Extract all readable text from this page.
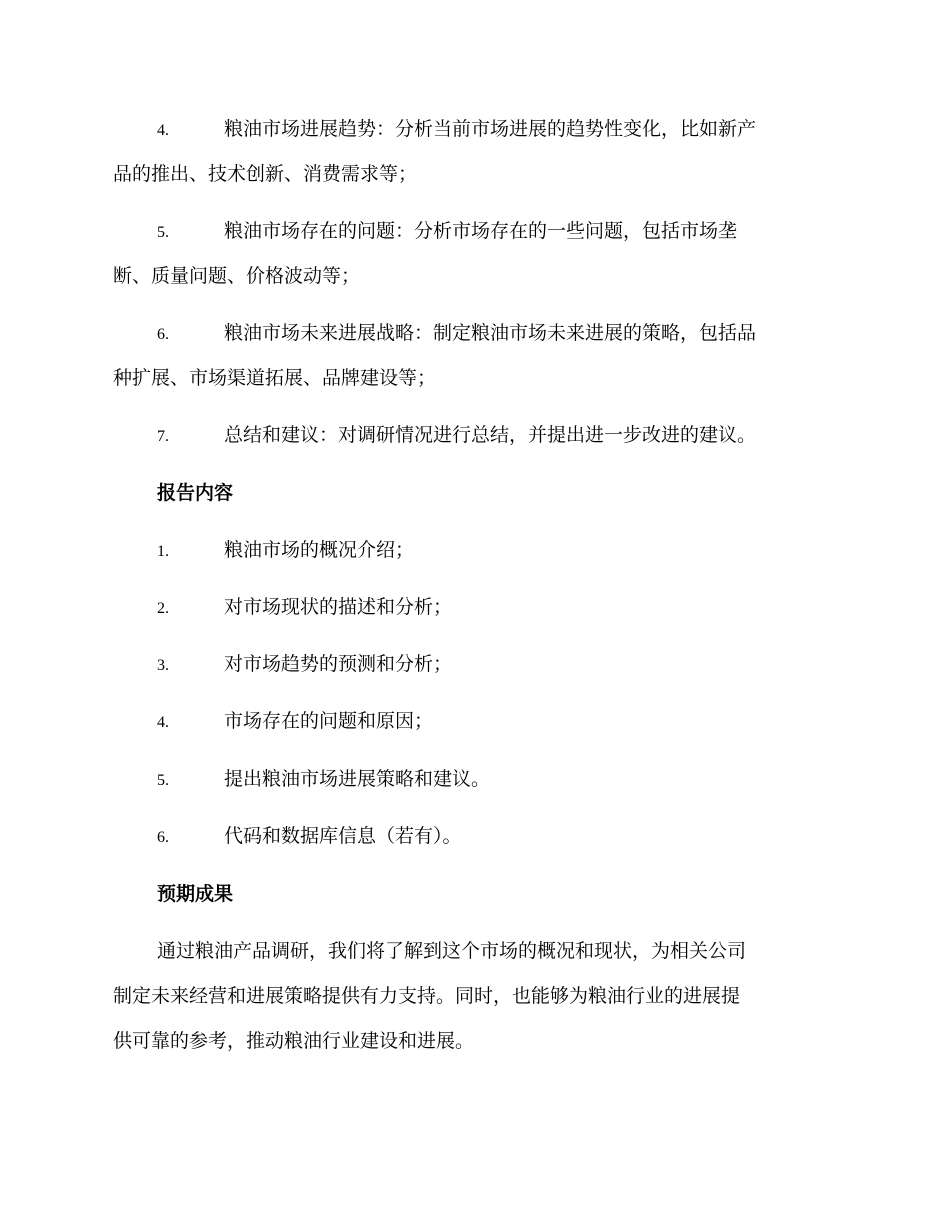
4.	粮油市场进展趋势：分析当前市场进展的趋势性变化，比如新产
品的推出、技术创新、消费需求等；
5.	粮油市场存在的问题：分析市场存在的一些问题，包括市场垄
断、质量问题、价格波动等；
6.	粮油市场未来进展战略：制定粮油市场未来进展的策略，包括品
种扩展、市场渠道拓展、品牌建设等；
7.	总结和建议：对调研情况进行总结，并提出进一步改进的建议。
报告内容
1.	粮油市场的概况介绍；
2.	对市场现状的描述和分析；
3.	对市场趋势的预测和分析；
4.	市场存在的问题和原因；
5.	提出粮油市场进展策略和建议。
6.	代码和数据库信息（若有）。
预期成果
通过粮油产品调研，我们将了解到这个市场的概况和现状，为相关公司
制定未来经营和进展策略提供有力支持。同时，也能够为粮油行业的进展提
供可靠的参考，推动粮油行业建设和进展。
